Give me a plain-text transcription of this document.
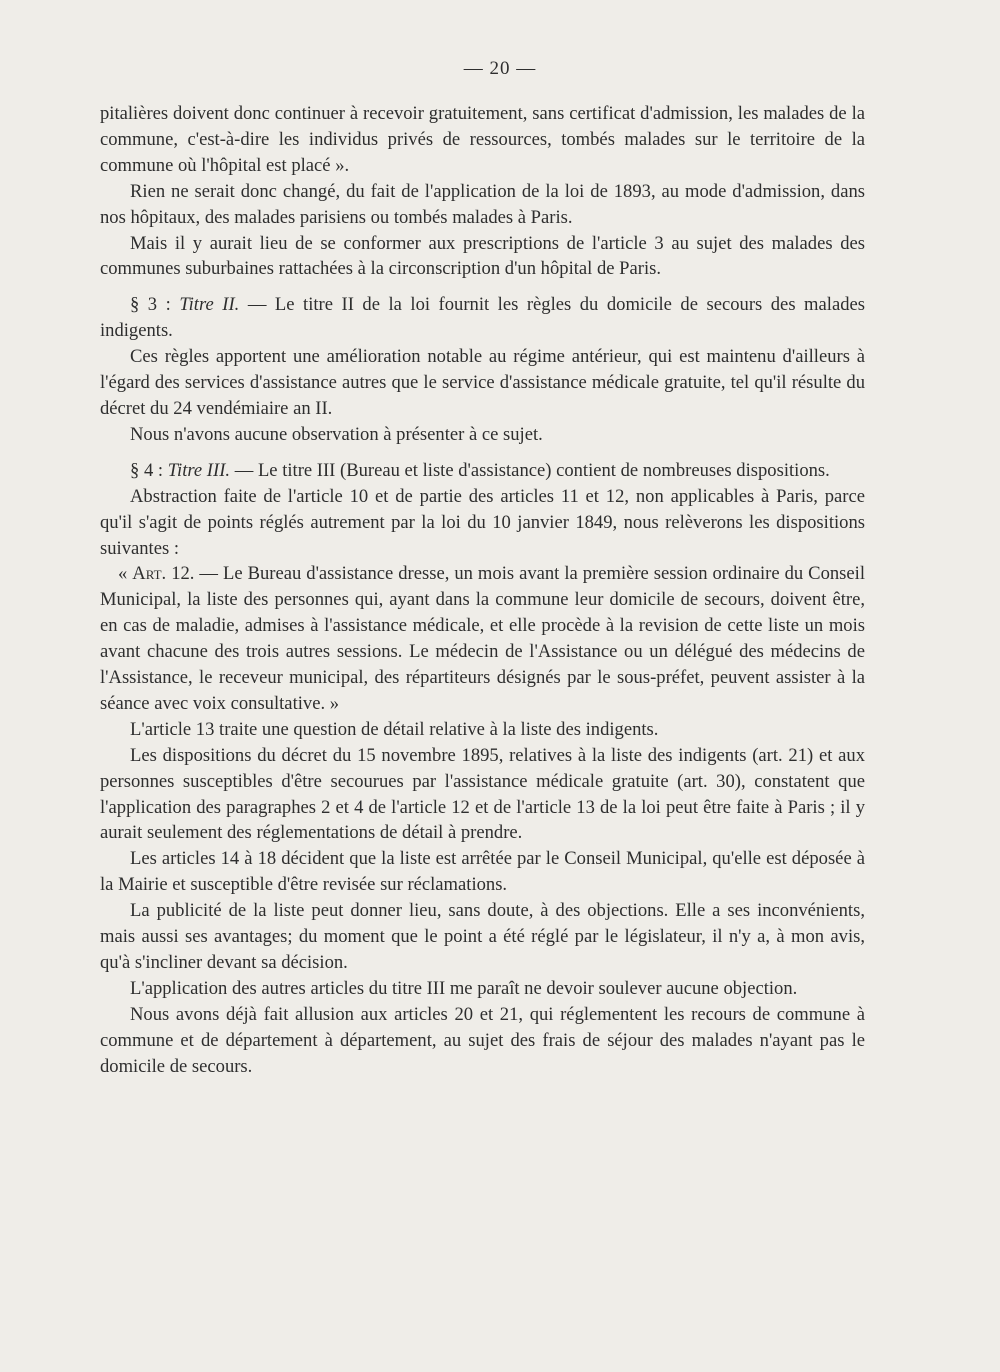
— 20 —

pitalières doivent donc continuer à recevoir gratuitement, sans certificat d'admission, les malades de la commune, c'est-à-dire les individus privés de ressources, tombés malades sur le territoire de la commune où l'hôpital est placé ».

Rien ne serait donc changé, du fait de l'application de la loi de 1893, au mode d'admission, dans nos hôpitaux, des malades parisiens ou tombés malades à Paris.

Mais il y aurait lieu de se conformer aux prescriptions de l'article 3 au sujet des malades des communes suburbaines rattachées à la circonscription d'un hôpital de Paris.

§ 3 : Titre II. — Le titre II de la loi fournit les règles du domicile de secours des malades indigents.

Ces règles apportent une amélioration notable au régime antérieur, qui est maintenu d'ailleurs à l'égard des services d'assistance autres que le service d'assistance médicale gratuite, tel qu'il résulte du décret du 24 vendémiaire an II.

Nous n'avons aucune observation à présenter à ce sujet.

§ 4 : Titre III. — Le titre III (Bureau et liste d'assistance) contient de nombreuses dispositions.

Abstraction faite de l'article 10 et de partie des articles 11 et 12, non applicables à Paris, parce qu'il s'agit de points réglés autrement par la loi du 10 janvier 1849, nous relèverons les dispositions suivantes :

« Art. 12. — Le Bureau d'assistance dresse, un mois avant la première session ordinaire du Conseil Municipal, la liste des personnes qui, ayant dans la commune leur domicile de secours, doivent être, en cas de maladie, admises à l'assistance médicale, et elle procède à la revision de cette liste un mois avant chacune des trois autres sessions. Le médecin de l'Assistance ou un délégué des médecins de l'Assistance, le receveur municipal, des répartiteurs désignés par le sous-préfet, peuvent assister à la séance avec voix consultative. »

L'article 13 traite une question de détail relative à la liste des indigents.

Les dispositions du décret du 15 novembre 1895, relatives à la liste des indigents (art. 21) et aux personnes susceptibles d'être secourues par l'assistance médicale gratuite (art. 30), constatent que l'application des paragraphes 2 et 4 de l'article 12 et de l'article 13 de la loi peut être faite à Paris ; il y aurait seulement des réglementations de détail à prendre.

Les articles 14 à 18 décident que la liste est arrêtée par le Conseil Municipal, qu'elle est déposée à la Mairie et susceptible d'être revisée sur réclamations.

La publicité de la liste peut donner lieu, sans doute, à des objections. Elle a ses inconvénients, mais aussi ses avantages; du moment que le point a été réglé par le législateur, il n'y a, à mon avis, qu'à s'incliner devant sa décision.

L'application des autres articles du titre III me paraît ne devoir soulever aucune objection.

Nous avons déjà fait allusion aux articles 20 et 21, qui réglementent les recours de commune à commune et de département à département, au sujet des frais de séjour des malades n'ayant pas le domicile de secours.
